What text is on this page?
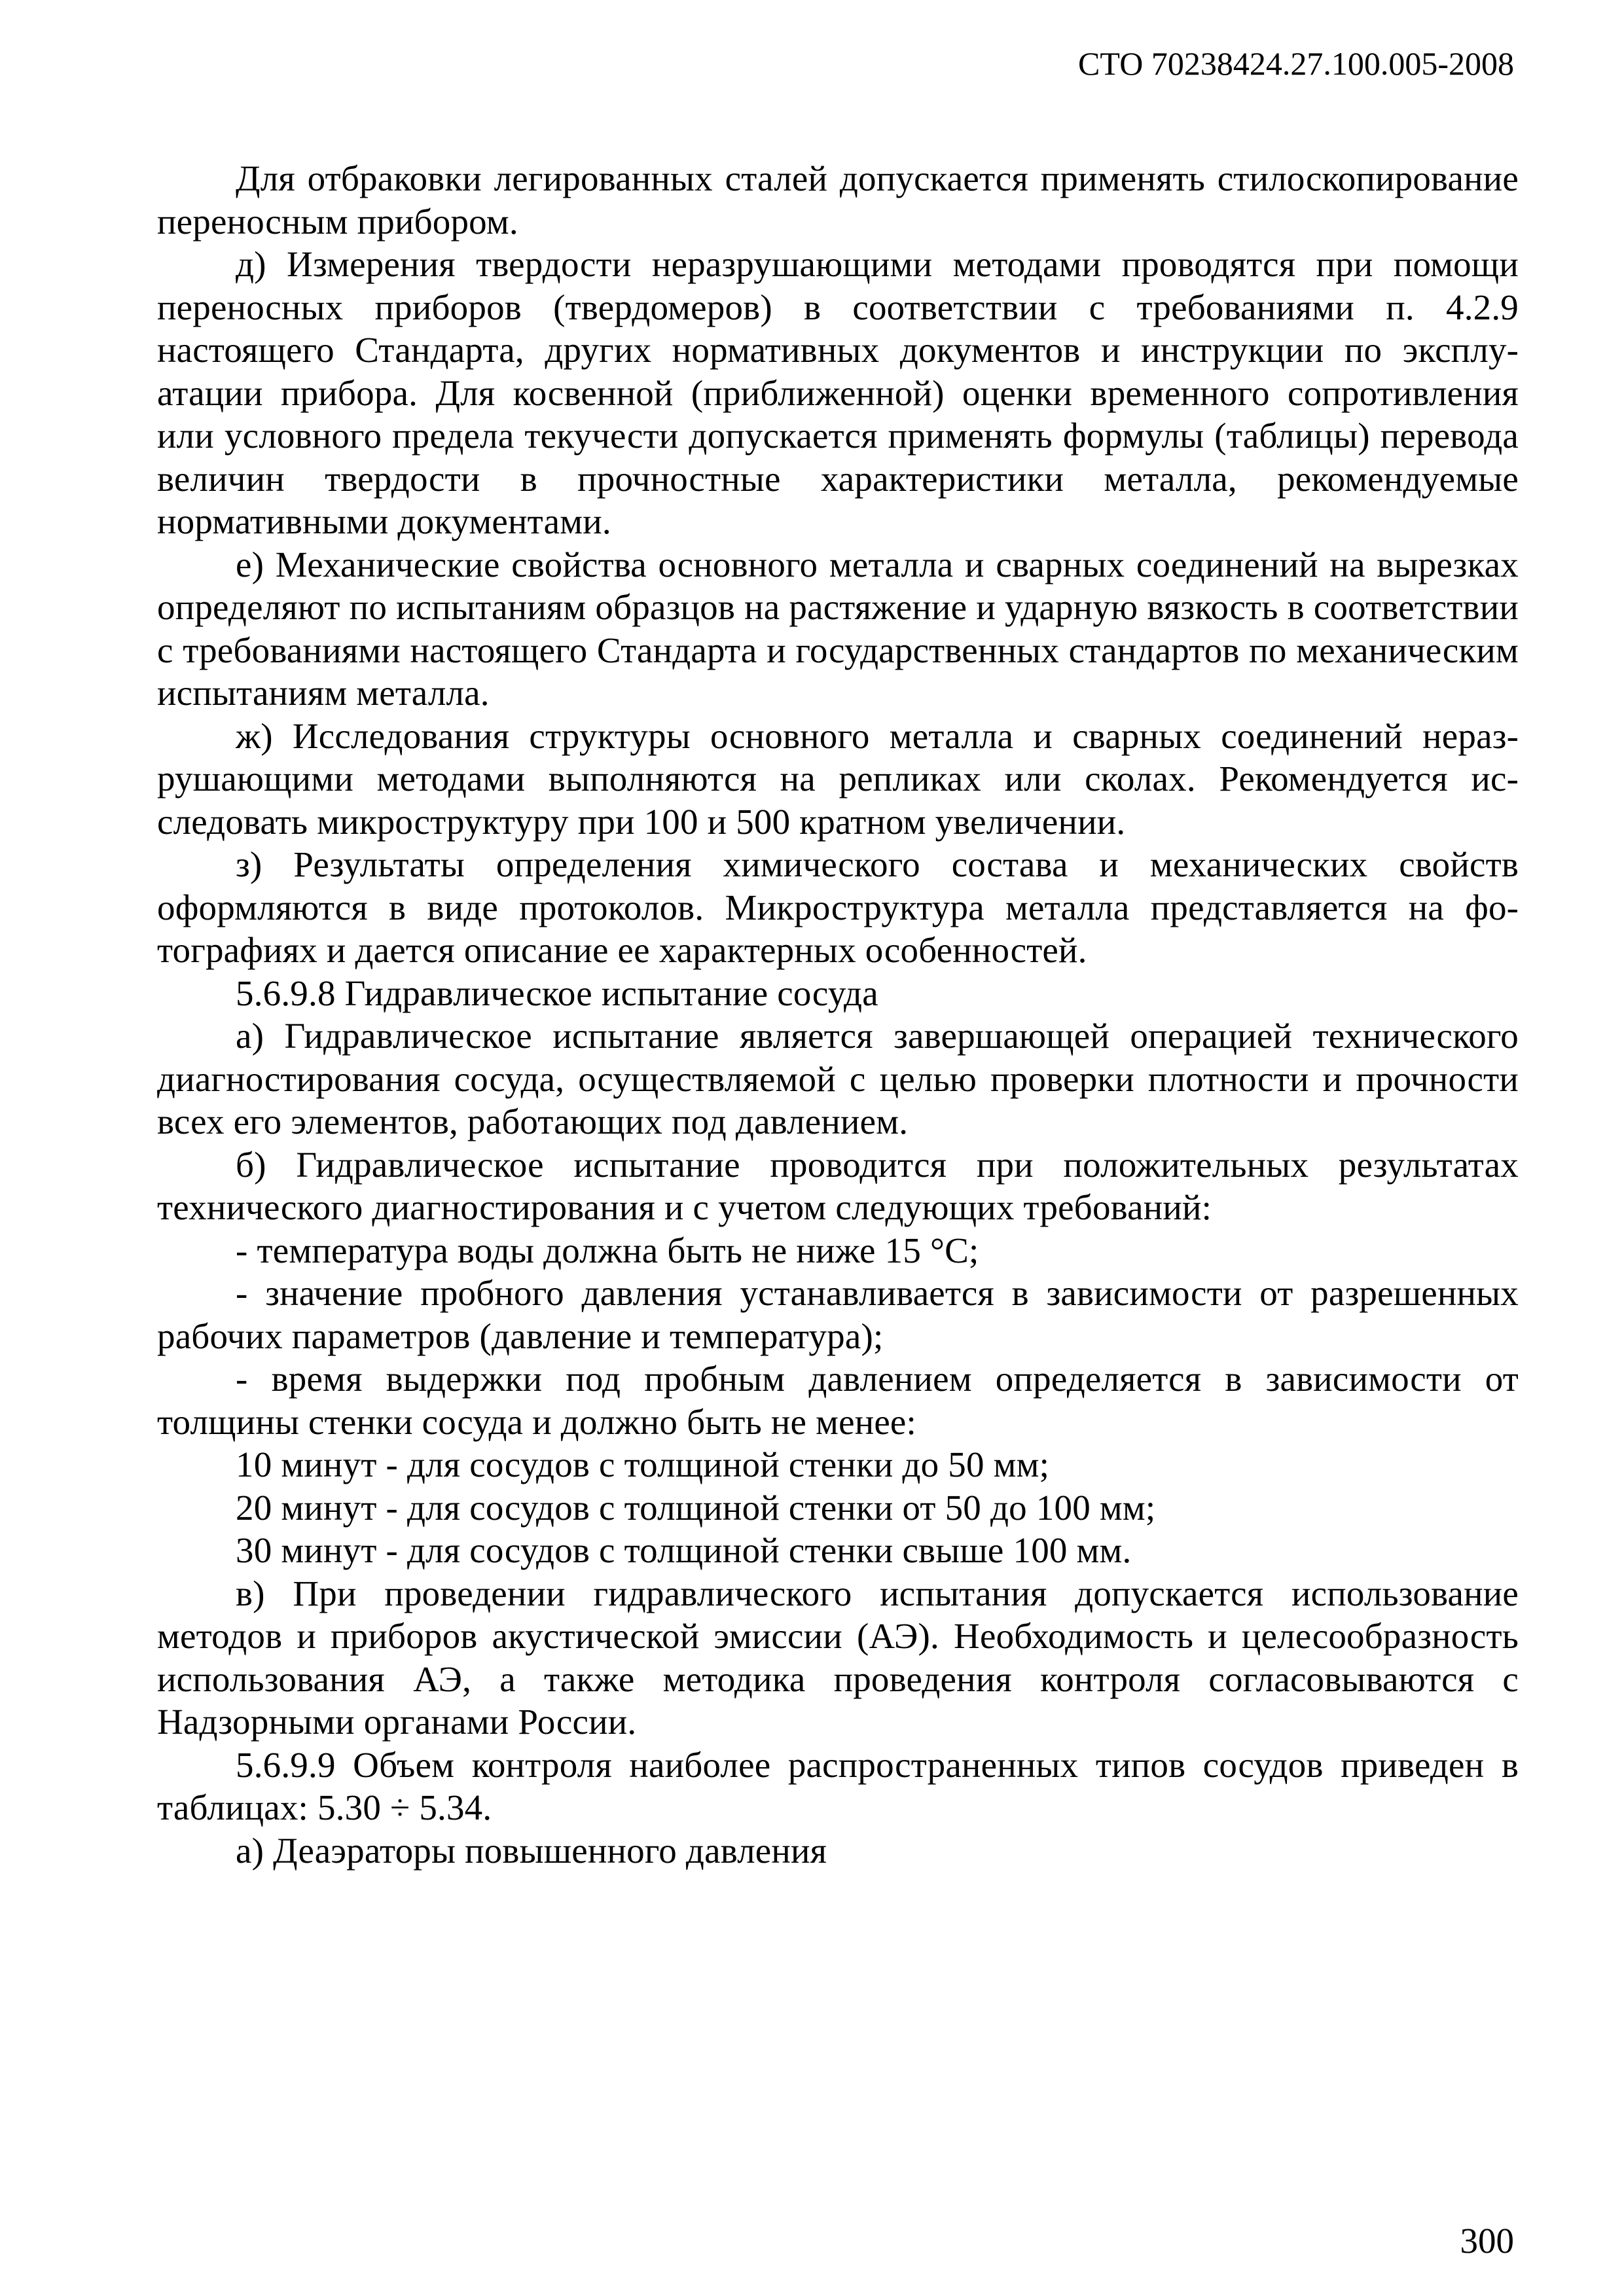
СТО 70238424.27.100.005-2008

Для отбраковки легированных сталей допускается применять стилоскопирование переносным прибором.

д) Измерения твердости неразрушающими методами проводятся при помощи переносных приборов (твердомеров) в соответствии с требованиями п. 4.2.9 настоящего Стандарта, других нормативных документов и инструкции по эксплуатации прибора. Для косвенной (приближенной) оценки временного сопротивления или условного предела текучести допускается применять формулы (таблицы) перевода величин твердости в прочностные характеристики металла, рекомендуемые нормативными документами.

е) Механические свойства основного металла и сварных соединений на вырезках определяют по испытаниям образцов на растяжение и ударную вязкость в соответствии с требованиями настоящего Стандарта и государственных стандартов по механическим испытаниям металла.

ж) Исследования структуры основного металла и сварных соединений неразрушающими методами выполняются на репликах или сколах. Рекомендуется исследовать микроструктуру при 100 и 500 кратном увеличении.

з) Результаты определения химического состава и механических свойств оформляются в виде протоколов. Микроструктура металла представляется на фотографиях и дается описание ее характерных особенностей.

5.6.9.8 Гидравлическое испытание сосуда

а) Гидравлическое испытание является завершающей операцией технического диагностирования сосуда, осуществляемой с целью проверки плотности и прочности всех его элементов, работающих под давлением.

б) Гидравлическое испытание проводится при положительных результатах технического диагностирования и с учетом следующих требований:

- температура воды должна быть не ниже 15 °С;

- значение пробного давления устанавливается в зависимости от разрешенных рабочих параметров (давление и температура);

- время выдержки под пробным давлением определяется в зависимости от толщины стенки сосуда и должно быть не менее:

10 минут - для сосудов с толщиной стенки до 50 мм;

20 минут - для сосудов с толщиной стенки от 50 до 100 мм;

30 минут - для сосудов с толщиной стенки свыше 100 мм.

в) При проведении гидравлического испытания допускается использование методов и приборов акустической эмиссии (АЭ). Необходимость и целесообразность использования АЭ, а также методика проведения контроля согласовываются с Надзорными органами России.

5.6.9.9 Объем контроля наиболее распространенных типов сосудов приведен в таблицах: 5.30 ÷ 5.34.

а) Деаэраторы повышенного давления

300
